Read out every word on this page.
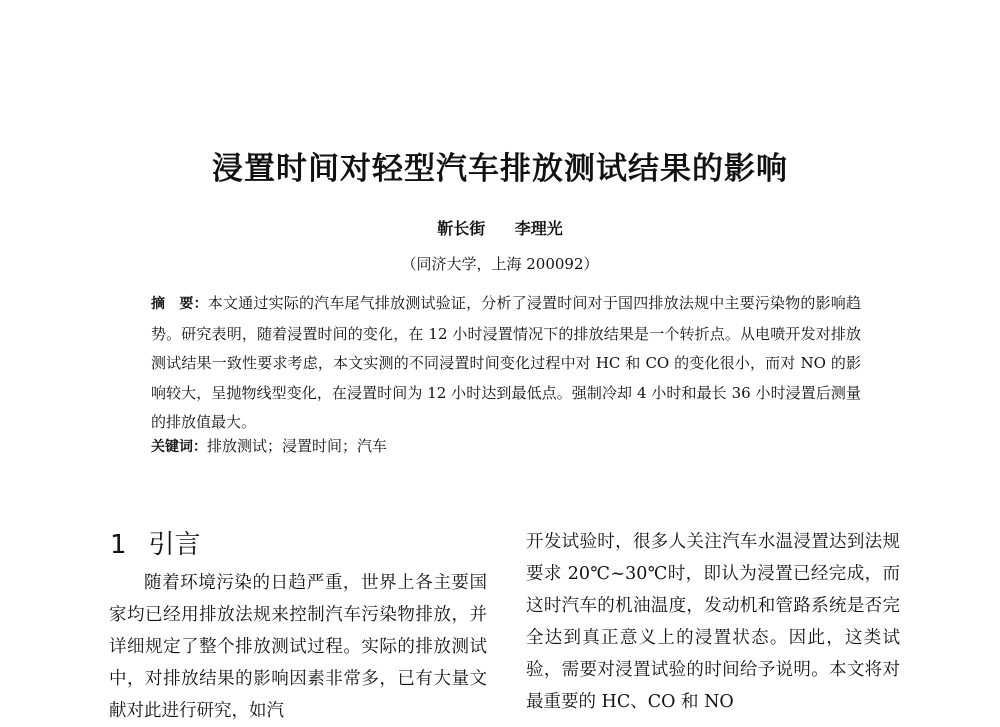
浸置时间对轻型汽车排放测试结果的影响
靳长街 李理光
（同济大学，上海 200092）
摘　要：本文通过实际的汽车尾气排放测试验证，分析了浸置时间对于国四排放法规中主要污染物的影响趋势。研究表明，随着浸置时间的变化，在 12 小时浸置情况下的排放结果是一个转折点。从电喷开发对排放测试结果一致性要求考虑，本文实测的不同浸置时间变化过程中对 HC 和 CO 的变化很小，而对 NO 的影响较大，呈抛物线型变化，在浸置时间为 12 小时达到最低点。强制冷却 4 小时和最长 36 小时浸置后测量的排放值最大。
关键词：排放测试；浸置时间；汽车
1 引言

随着环境污染的日趋严重，世界上各主要国家均已经用排放法规来控制汽车污染物排放，并详细规定了整个排放测试过程。实际的排放测试中，对排放结果的影响因素非常多，已有大量文献对此进行研究，如汽

开发试验时，很多人关注汽车水温浸置达到法规要求 20℃~30℃时，即认为浸置已经完成，而这时汽车的机油温度，发动机和管路系统是否完全达到真正意义上的浸置状态。因此，这类试验，需要对浸置试验的时间给予说明。本文将对最重要的 HC、CO 和 NO
